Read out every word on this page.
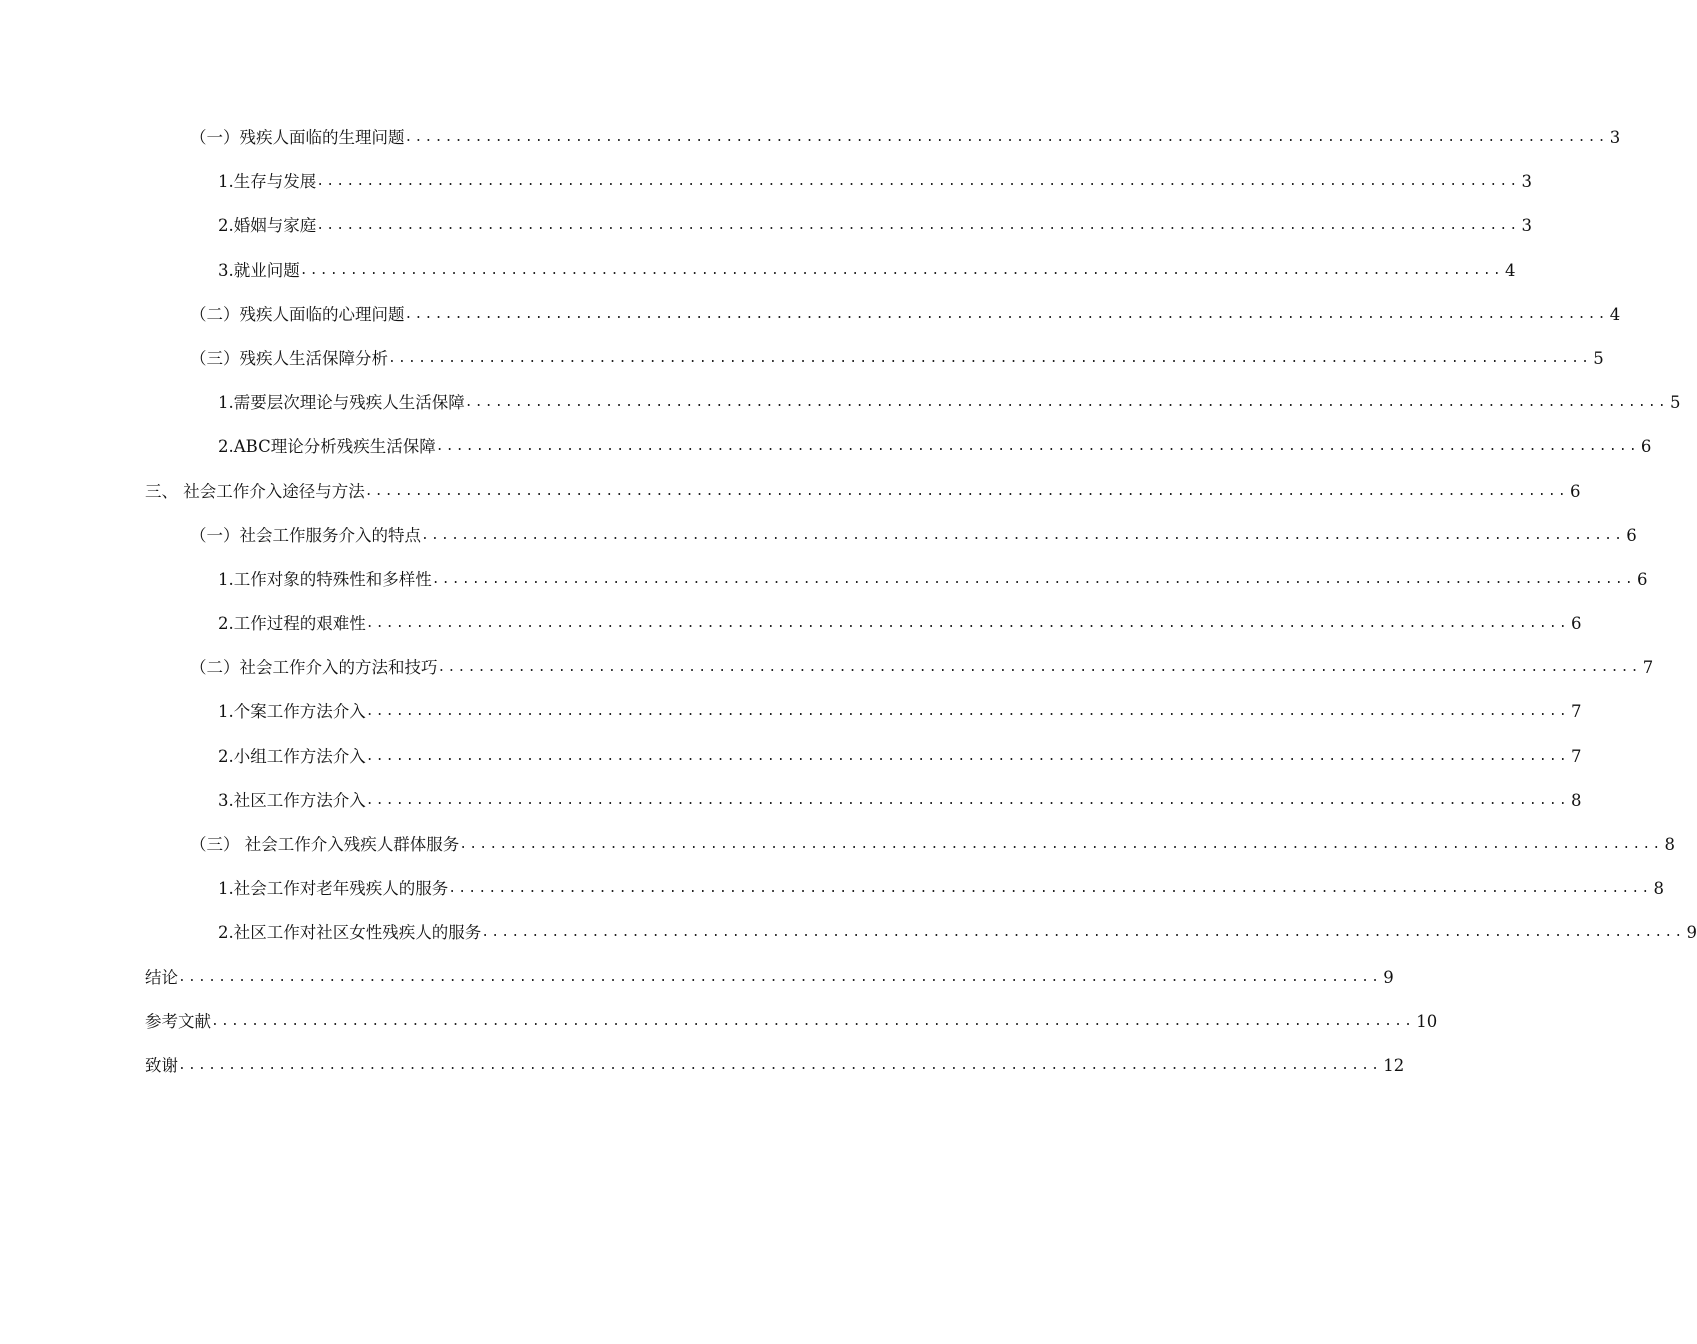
（一）残疾人面临的生理问题 ........................................................................................................................ 3
1.生存与发展 ........................................................................................................................ 3
2.婚姻与家庭 ........................................................................................................................ 3
3.就业问题 ........................................................................................................................ 4
（二）残疾人面临的心理问题 ........................................................................................................................ 4
（三）残疾人生活保障分析 ........................................................................................................................ 5
1.需要层次理论与残疾人生活保障 ........................................................................................................................ 5
2.ABC理论分析残疾生活保障 ........................................................................................................................ 6
三、 社会工作介入途径与方法 ........................................................................................................................ 6
（一）社会工作服务介入的特点 ........................................................................................................................ 6
1.工作对象的特殊性和多样性 ........................................................................................................................ 6
2.工作过程的艰难性 ........................................................................................................................ 6
（二）社会工作介入的方法和技巧 ........................................................................................................................ 7
1.个案工作方法介入 ........................................................................................................................ 7
2.小组工作方法介入 ........................................................................................................................ 7
3.社区工作方法介入 ........................................................................................................................ 8
（三） 社会工作介入残疾人群体服务 ........................................................................................................................ 8
1.社会工作对老年残疾人的服务 ........................................................................................................................ 8
2.社区工作对社区女性残疾人的服务 ........................................................................................................................ 9
结论 ........................................................................................................................ 9
参考文献 ........................................................................................................................ 10
致谢 ........................................................................................................................ 12
